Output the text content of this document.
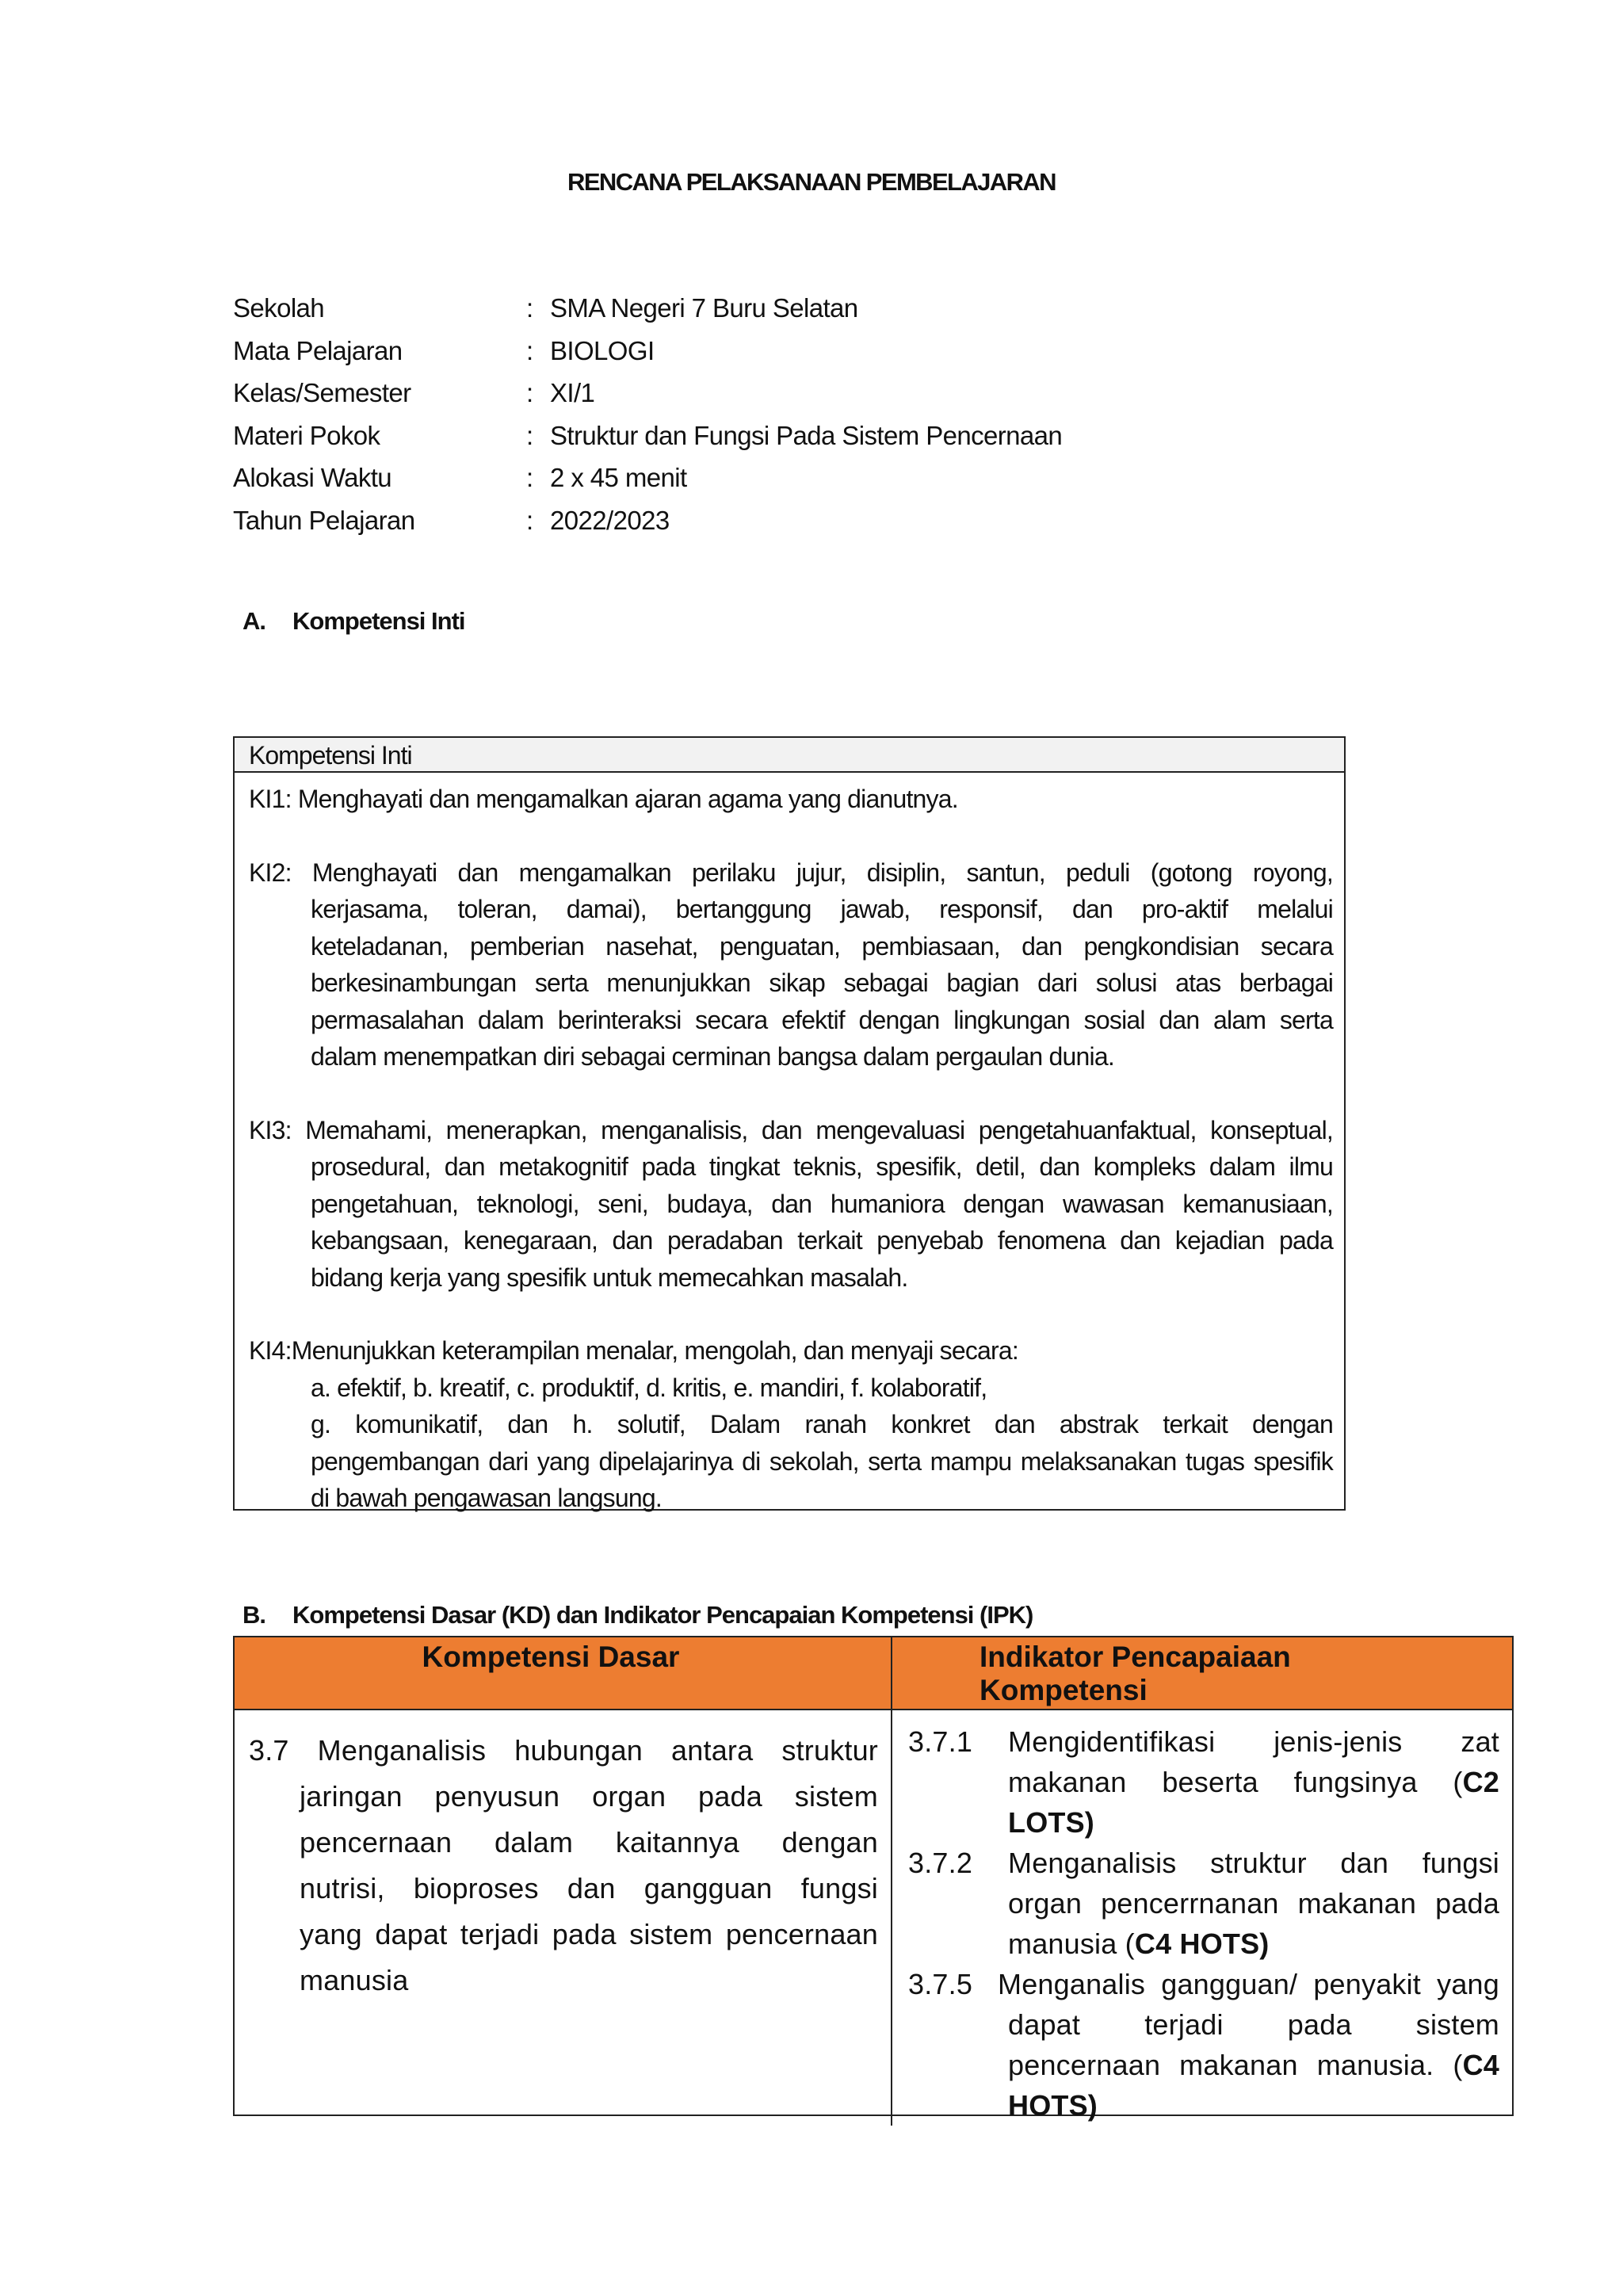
RENCANA PELAKSANAAN PEMBELAJARAN
Sekolah	: SMA Negeri 7 Buru Selatan
Mata Pelajaran	: BIOLOGI
Kelas/Semester	: XI/1
Materi Pokok	: Struktur dan Fungsi Pada Sistem Pencernaan
Alokasi Waktu	: 2 x 45 menit
Tahun Pelajaran	: 2022/2023
A.	Kompetensi Inti
Kompetensi Inti
KI1: Menghayati dan mengamalkan ajaran agama yang dianutnya.
KI2: Menghayati dan mengamalkan perilaku jujur, disiplin, santun, peduli (gotong royong,
kerjasama, toleran, damai), bertanggung jawab, responsif, dan pro-aktif melalui
keteladanan, pemberian nasehat, penguatan, pembiasaan, dan pengkondisian secara
berkesinambungan serta menunjukkan sikap sebagai bagian dari solusi atas berbagai
permasalahan dalam berinteraksi secara efektif dengan lingkungan sosial dan alam serta
dalam menempatkan diri sebagai cerminan bangsa dalam pergaulan dunia.
KI3: Memahami, menerapkan, menganalisis, dan mengevaluasi pengetahuanfaktual, konseptual,
prosedural, dan metakognitif pada tingkat teknis, spesifik, detil, dan kompleks dalam ilmu
pengetahuan, teknologi, seni, budaya, dan humaniora dengan wawasan kemanusiaan,
kebangsaan, kenegaraan, dan peradaban terkait penyebab fenomena dan kejadian pada
bidang kerja yang spesifik untuk memecahkan masalah.
KI4:Menunjukkan keterampilan menalar, mengolah, dan menyaji secara:
a. efektif, b. kreatif, c. produktif, d. kritis, e. mandiri, f. kolaboratif,
g. komunikatif, dan h. solutif, Dalam ranah konkret dan abstrak terkait dengan
pengembangan dari yang dipelajarinya di sekolah, serta mampu melaksanakan tugas spesifik
di bawah pengawasan langsung.
B.	Kompetensi Dasar (KD) dan Indikator Pencapaian Kompetensi (IPK)
Kompetensi Dasar	Indikator Pencapaiaan
Kompetensi
3.7 Menganalisis hubungan antara struktur
jaringan penyusun organ pada sistem
pencernaan dalam kaitannya dengan
nutrisi, bioproses dan gangguan fungsi
yang dapat terjadi pada sistem pencernaan
manusia
3.7.1	Mengidentifikasi jenis-jenis zat
makanan beserta fungsinya (C2
LOTS)
3.7.2	Menganalisis struktur dan fungsi
organ pencerrnanan makanan pada
manusia (C4 HOTS)
3.7.5 Menganalis gangguan/ penyakit yang
dapat terjadi pada sistem
pencernaan makanan manusia. (C4
HOTS)
